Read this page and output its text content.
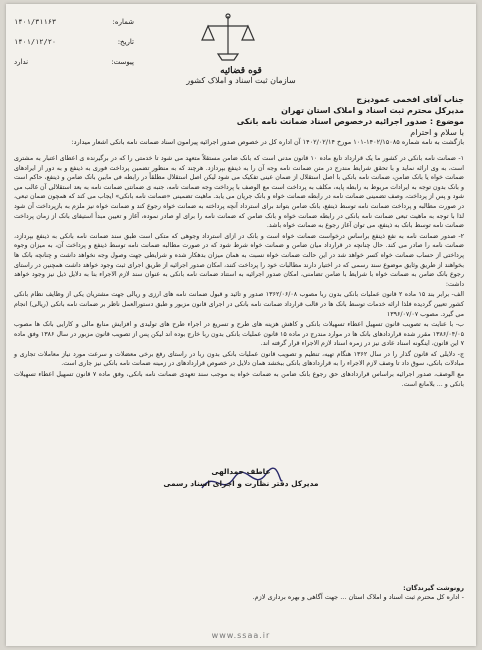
شماره:
۱۴۰۱/۳۱۱۶۳
تاریخ:
۱۴۰۱/۱۲/۲۰
پیوست:
ندارد
قوه قضائیه
سازمان ثبت اسناد و املاک کشور
جناب آقای افخمی عمودیزج
مدیرکل محترم ثبت اسناد و املاک استان تهران
موضوع : صدور اجرائیه درخصوص اسناد ضمانت نامه بانکی
با سلام و احترام
بازگشت به نامه شماره ۱۴۰۲/۱۵۰۸۵-۱۰۱ مورخ ۱۴۰۲/۰۲/۱۴ آن اداره کل در خصوص صدور اجرائیه پیرامون اسناد ضمانت نامه بانکی اشعار میدارد:

۱- ضمانت نامه بانکی در کشور ما یک قرارداد تابع ماده ۱۰ قانون مدنی است که بانک ضامن مستقلاً متعهد می شود تا خدمتی را که در برگیرنده ی اعطای اعتبار به مشتری است، به وی ارائه نماید و با تحقق شرایط مندرج در متن ضمانت نامه وجه آن را به ذینفع بپردازد. هرچند که به منظور تضمین پرداخت فوری به ذینفع و به دور از ایرادهای ضمانت خواه یا بانک ضامن، ضمانت نامه بانکی با اصل استقلال از ضمان عینی تفکیک می شود لیکن اصل استقلال مطلقاً در رابطه فی مابین بانک ضامن و ذینفع، حاکم است و بانک بدون توجه به ایرادات مربوط به رابطه پایه، مکلف به پرداخت است مع الوصف با پرداخت وجه ضمانت نامه، جنبه ی ضمانتی ضمانت نامه به بعد استقلالی آن غالب می شود و پس از پرداخت، وصف تضمینی ضمانت نامه در رابطه ضمانت خواه و بانک جریان می یابد. ماهیت تضمینی «ضمانت نامه بانکی» ایجاب می کند که همچون ضمان تبعی، در صورت مطالبه و پرداخت ضمانت نامه توسط ذینفع، بانک ضامن بتواند برای استرداد آنچه پرداخته به ضمانت خواه رجوع کند و ضمانت خواه نیز ملزم به بازپرداخت آن شود لذا با توجه به ماهیت تبعی ضمانت نامه بانکی در رابطه ضمانت خواه و بانک ضامن که ضمانت نامه را برای او صادر نموده، آغاز و تعیین مبدأ استیفای بانک از زمان پرداخت ضمانت نامه توسط بانک به ذینفع، می توان آغاز رجوع به ضمانت خواه باشد.

۲- صدور ضمانت نامه به نفع ذینفع براساس درخواست ضمانت خواه است و بانک در ازای استرداد وجوهی که متکی است طبق سند ضمانت نامه بانکی به ذینفع بپردازد، ضمانت نامه را صادر می کند. حال چنانچه در قرارداد میان ضامن و ضمانت خواه شرط شود که در صورت مطالبه ضمانت نامه توسط ذینفع و پرداخت آن، به میزان وجوه پرداختی از حساب ضمانت خواه کسر خواهد شد در این حالت ضمانت خواه نسبت به همان میزان بدهکار شده و شرایطی جهت وصول وجه نخواهد داشت و چنانچه بانک ها بخواهند از طریق وثایق موضوع سند رسمی که در اختیار دارند مطالبات خود را پرداخت کنند، امکان صدور اجرائیه از طریق اجرای ثبت وجود خواهد داشت همچنین در راستای رجوع بانک ضامن به ضمانت خواه با شرایط با ضامن تضامنی، امکان صدور اجرائیه به استناد ضمانت نامه بانکی به عنوان سند لازم الاجراء بنا به دلایل ذیل نیز وجود خواهد داشت:

الف- برابر بند ۱۵ ماده ۲ قانون عملیات بانکی بدون ربا مصوب ۱۳۶۲/۰۶/۰۸ صدور و تائید و قبول ضمانت نامه های ارزی و ریالی جهت مشتریان یکی از وظایف نظام بانکی کشور تعیین گردیده فلذا ارائه خدمات توسط بانک ها در قالب قرارداد ضمانت نامه بانکی در اجرای قانون مزبور و طبق دستورالعمل ناظر بر ضمانت نامه بانکی (ریالی) انجام می گیرد. مصوب ۱۳۹۶/۰۷/۰۷

ب- با عنایت به تصویب قانون تسهیل اعطاء تسهیلات بانکی و کاهش هزینه های طرح و تسریع در اجراء طرح های تولیدی و افزایش منابع مالی و کارایی بانک ها مصوب ۱۳۸۶/۰۴/۰۵ مقرر شده قراردادهای بانک ها در موارد مندرج در ماده ۱۵ قانون عملیات بانکی بدون ربا خارج بوده اند لیکن پس از تصویب قانون مزبور در سال ۱۳۸۶ وفق ماده ۷ این قانون، اینگونه اسناد عادی نیز در زمره اسناد لازم الاجراء قرار گرفته اند.

ج- دلایلی که قانون گذار را در سال ۱۳۶۲ هنگام تهیه، تنظیم و تصویب قانون عملیات بانکی بدون ربا در راستای رفع برخی معضلات و سرعت مورد نیاز معاملات تجاری و مبادلات بانکی، سوق داد تا وصف لازم الاجراء را به قراردادهای بانکی ببخشد همان دلایل در خصوص قراردادهای در زمینه ضمانت نامه بانکی نیز جاری است.

مع الوصف، صدور اجرائیه براساس قراردادهای حق رجوع بانک ضامن به ضمانت خواه به موجب سند تعهدی ضمانت نامه بانکی، وفق ماده ۷ قانون تسهیل اعطاء تسهیلات بانکی و ... بلامانع است.

عاطف حمدالهی
مدیرکل دفتر نظارت و اجرای اسناد رسمی
رونوشت گیرندگان:
- اداره کل محترم ثبت اسناد و املاک استان ... جهت آگاهی و بهره برداری لازم.
www.ssaa.ir
